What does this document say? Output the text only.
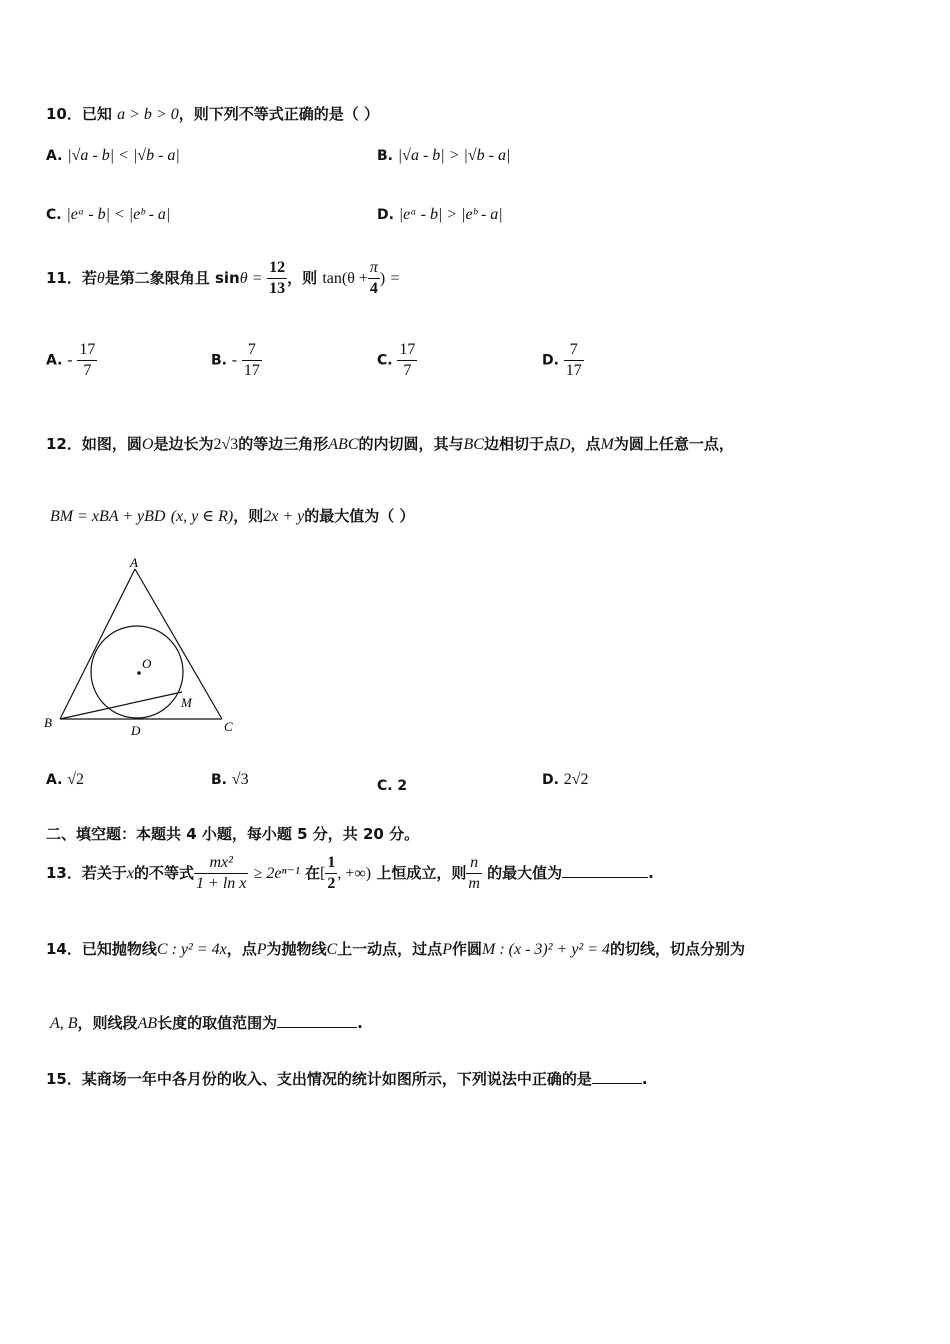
10．已知 a > b > 0，则下列不等式正确的是（ ）
A. |√a - b| < |√b - a|	B. |√a - b| > |√b - a|
C. |eᵃ - b| < |eᵇ - a|	D. |eᵃ - b| > |eᵇ - a|
11．若θ是第二象限角且 $\sin\theta = \frac{12}{13}$ ，则 $\tan(\theta + \frac{\pi}{4}$ ) =
A. - $\frac{17}{7}$	B. - $\frac{7}{17}$	C. $\frac{17}{7}$	D. $\frac{7}{17}$
12．如图，圆O是边长为2√3的等边三角形ABC的内切圆，其与BC边相切于点D，点M为圆上任意一点，
BM = xBA + yBD (x, y ∈ R)，则2x + y的最大值为（ ）
A
B	C
D
O
M
A. √2	B. √3	C. 2	D. 2√2
二、填空题：本题共 4 小题，每小题 5 分，共 20 分。
13．若关于x的不等式 $\frac{\text{mx²}}{\text{1 + ln x}} \ge 2e^{n-1}$ 在[ $\frac{1}{2}$ , +∞) 上恒成立，则 $\frac{n}{m}$ 的最大值为	.
14．已知抛物线C : y² = 4x，点P为抛物线C上一动点，过点P作圆M : (x - 3)² + y² = 4的切线，切点分别为
A, B，则线段AB长度的取值范围为	.
15．某商场一年中各月份的收入、支出情况的统计如图所示，下列说法中正确的是	.
